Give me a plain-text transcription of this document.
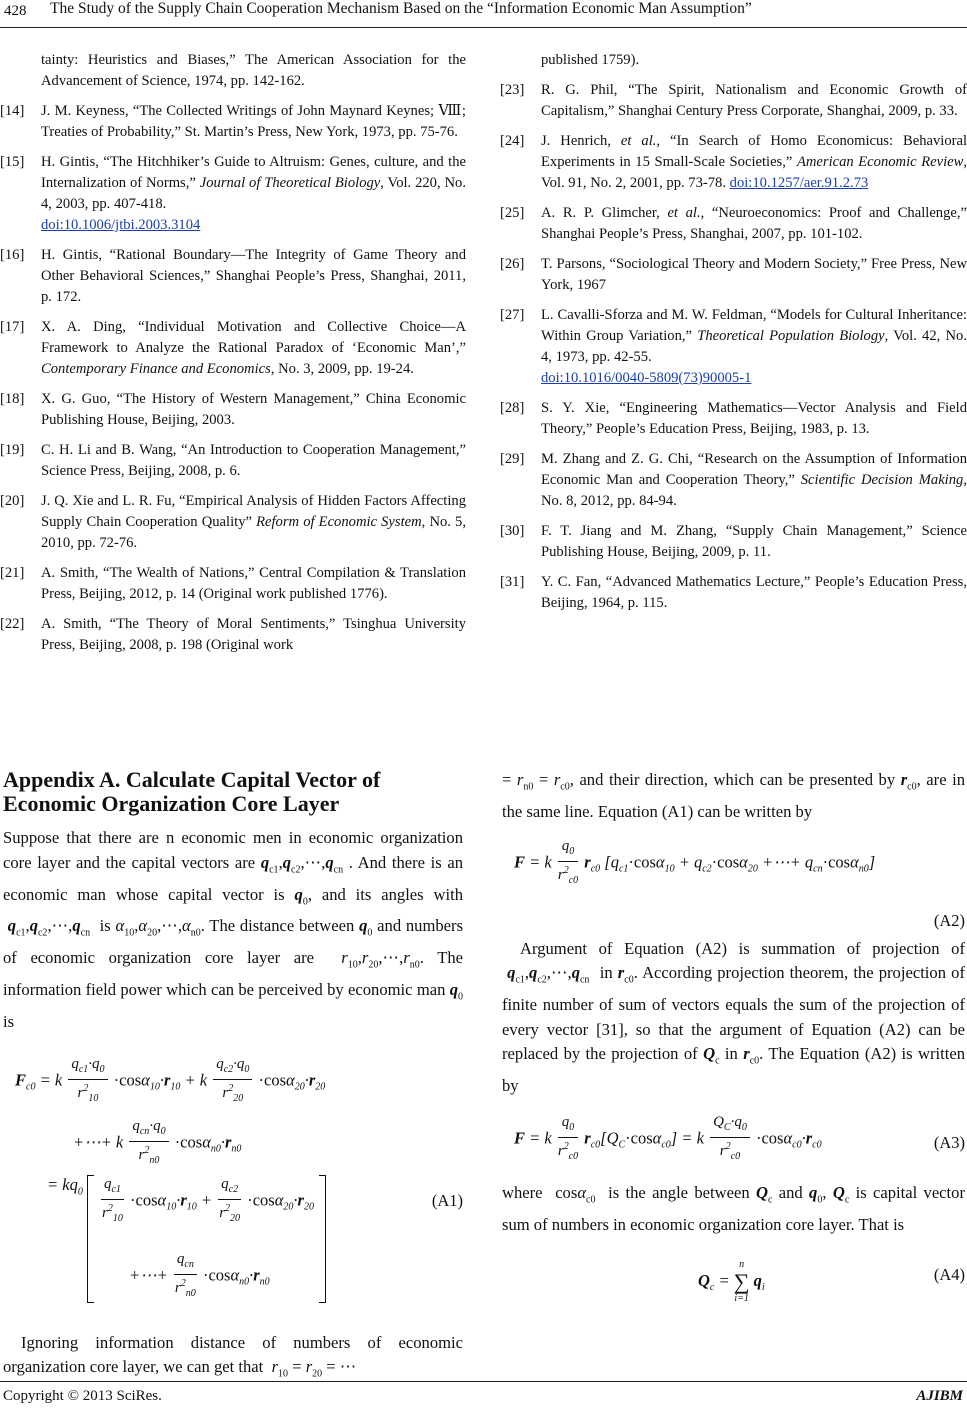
428 The Study of the Supply Chain Cooperation Mechanism Based on the “Information Economic Man Assumption”
tainty: Heuristics and Biases,” The American Association for the Advancement of Science, 1974, pp. 142-162.
[14] J. M. Keyness, “The Collected Writings of John Maynard Keynes; Ⅷ; Treaties of Probability,” St. Martin’s Press, New York, 1973, pp. 75-76.
[15] H. Gintis, “The Hitchhiker’s Guide to Altruism: Genes, culture, and the Internalization of Norms,” Journal of Theoretical Biology, Vol. 220, No. 4, 2003, pp. 407-418.
doi:10.1006/jtbi.2003.3104
[16] H. Gintis, “Rational Boundary—The Integrity of Game Theory and Other Behavioral Sciences,” Shanghai People’s Press, Shanghai, 2011, p. 172.
[17] X. A. Ding, “Individual Motivation and Collective Choice—A Framework to Analyze the Rational Paradox of ‘Economic Man’,” Contemporary Finance and Economics, No. 3, 2009, pp. 19-24.
[18] X. G. Guo, “The History of Western Management,” China Economic Publishing House, Beijing, 2003.
[19] C. H. Li and B. Wang, “An Introduction to Cooperation Management,” Science Press, Beijing, 2008, p. 6.
[20] J. Q. Xie and L. R. Fu, “Empirical Analysis of Hidden Factors Affecting Supply Chain Cooperation Quality” Reform of Economic System, No. 5, 2010, pp. 72-76.
[21] A. Smith, “The Wealth of Nations,” Central Compilation & Translation Press, Beijing, 2012, p. 14 (Original work published 1776).
[22] A. Smith, “The Theory of Moral Sentiments,” Tsinghua University Press, Beijing, 2008, p. 198 (Original work
published 1759).
[23] R. G. Phil, “The Spirit, Nationalism and Economic Growth of Capitalism,” Shanghai Century Press Corporate, Shanghai, 2009, p. 33.
[24] J. Henrich, et al., “In Search of Homo Economicus: Behavioral Experiments in 15 Small-Scale Societies,” American Economic Review, Vol. 91, No. 2, 2001, pp. 73-78. doi:10.1257/aer.91.2.73
[25] A. R. P. Glimcher, et al., “Neuroeconomics: Proof and Challenge,” Shanghai People’s Press, Shanghai, 2007, pp. 101-102.
[26] T. Parsons, “Sociological Theory and Modern Society,” Free Press, New York, 1967
[27] L. Cavalli-Sforza and M. W. Feldman, “Models for Cultural Inheritance: Within Group Variation,” Theoretical Population Biology, Vol. 42, No. 4, 1973, pp. 42-55.
doi:10.1016/0040-5809(73)90005-1
[28] S. Y. Xie, “Engineering Mathematics—Vector Analysis and Field Theory,” People’s Education Press, Beijing, 1983, p. 13.
[29] M. Zhang and Z. G. Chi, “Research on the Assumption of Information Economic Man and Cooperation Theory,” Scientific Decision Making, No. 8, 2012, pp. 84-94.
[30] F. T. Jiang and M. Zhang, “Supply Chain Management,” Science Publishing House, Beijing, 2009, p. 11.
[31] Y. C. Fan, “Advanced Mathematics Lecture,” People’s Education Press, Beijing, 1964, p. 115.
Appendix A. Calculate Capital Vector of Economic Organization Core Layer

Suppose that there are n economic men in economic organization core layer and the capital vectors are $q_{c1},q_{c2},\cdots,q_{cn}$ . And there is an economic man whose capital vector is $q_0$, and its angles with  $q_{c1},q_{c2},\cdots,q_{cn}$ is $\alpha_{10},\alpha_{20},\cdots,\alpha_{n0}$. The distance between $q_0$ and numbers of economic organization core layer are $r_{10},r_{20},\cdots,r_{n0}$. The information field power which can be perceived by economic man $q_0$ is

$F_{c0} = k \frac{q_{c1}\cdot q_0}{r^2_{10}} \cdot\cos\alpha_{10}\cdot r_{10} + k \frac{q_{c2}\cdot q_0}{r^2_{20}} \cdot\cos\alpha_{20}\cdot r_{20}$
+⋯+ k $\frac{q_{cn}\cdot q_0}{r^2_{n0}} \cdot\cos\alpha_{n0}\cdot r_{n0}$
= $kq_0 \frac{q_{c1}}{r^2_{10}} \cdot\cos\alpha_{10}\cdot r_{10} + \frac{q_{c2}}{r^2_{20}} \cdot\cos\alpha_{20}\cdot r_{20}$
+⋯+ $\frac{q_{cn}}{r^2_{n0}} \cdot\cos\alpha_{n0}\cdot r_{n0}$
(A1)

Ignoring information distance of numbers of economic organization core layer, we can get that $r_{10} = r_{20}$ = ⋯

= $r_{n0} = r_{c0}$, and their direction, which can be presented by $r_{c0}$, are in the same line. Equation (A1) can be written by

F = k $\frac{q_0}{r^2_{c0}} r_{c0}$ [$q_{c1}\cdot\cos\alpha_{10} + q_{c2}\cdot\cos\alpha_{20}$ +⋯+ $q_{cn}\cdot\cos\alpha_{n0}$]
(A2)

Argument of Equation (A2) is summation of projection of  $q_{c1},q_{c2},\cdots,q_{cn}$ in $r_{c0}$. According projection theorem, the projection of finite number of sum of vectors equals the sum of the projection of every vector [31], so that the argument of Equation (A2) can be replaced by the projection of $Q_c$ in $r_{c0}$. The Equation (A2) is written by

F = k $\frac{q_0}{r^2_{c0}} r_{c0}[Q_C\cdot\cos\alpha_{c0}] = k \frac{Q_C\cdot q_0}{r^2_{c0}} \cdot\cos\alpha_{c0}\cdot r_{c0}$	(A3)

where cosα$_{c0}$ is the angle between $Q_c$ and $q_0$, $Q_c$ is capital vector sum of numbers in economic organization core layer. That is

$Q_c$ =
n
∑
i=1
$q_i$
(A4)
Copyright © 2013 SciRes.	AJIBM
